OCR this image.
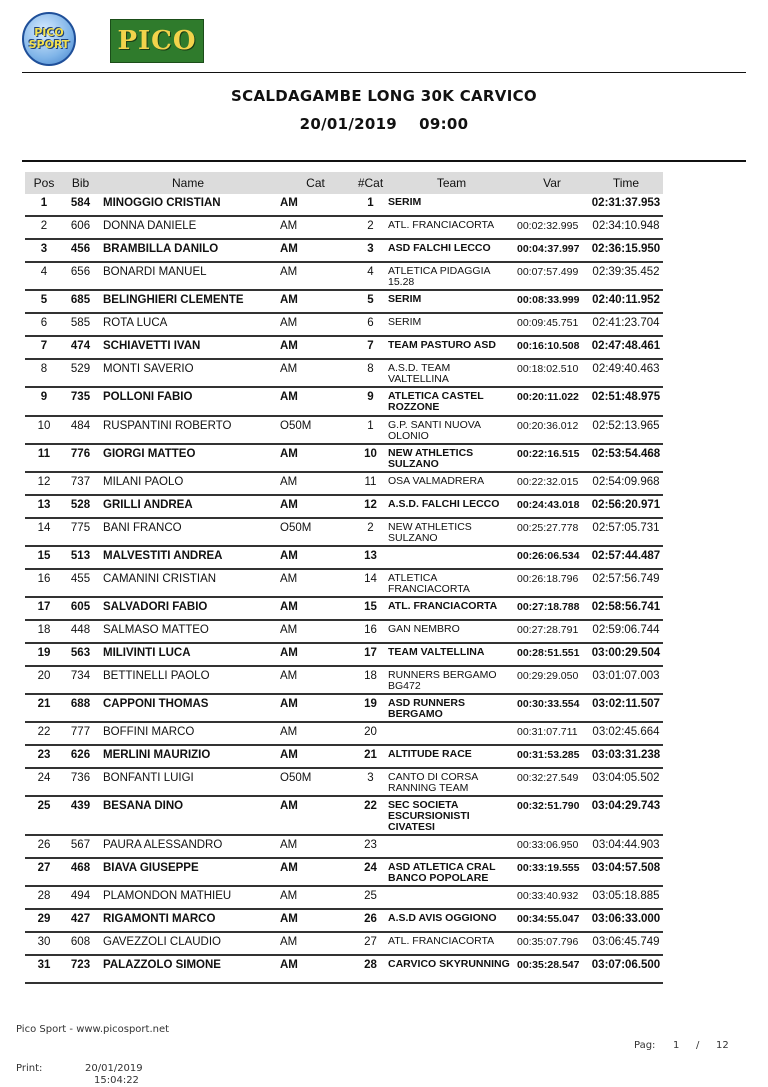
PICO
SPORT PICO
SCALDAGAMBE LONG 30K CARVICO
20/01/2019    09:00
Pos	Bib	Name	Cat	#Cat	Team	Var	Time
1	584	MINOGGIO CRISTIAN	AM	1	SERIM		02:31:37.953
2	606	DONNA DANIELE	AM	2	ATL. FRANCIACORTA	00:02:32.995	02:34:10.948
3	456	BRAMBILLA DANILO	AM	3	ASD FALCHI LECCO	00:04:37.997	02:36:15.950
4	656	BONARDI MANUEL	AM	4	ATLETICA PIDAGGIA 15.28	00:07:57.499	02:39:35.452
5	685	BELINGHIERI CLEMENTE	AM	5	SERIM	00:08:33.999	02:40:11.952
6	585	ROTA LUCA	AM	6	SERIM	00:09:45.751	02:41:23.704
7	474	SCHIAVETTI IVAN	AM	7	TEAM PASTURO ASD	00:16:10.508	02:47:48.461
8	529	MONTI SAVERIO	AM	8	A.S.D. TEAM VALTELLINA	00:18:02.510	02:49:40.463
9	735	POLLONI FABIO	AM	9	ATLETICA CASTEL ROZZONE	00:20:11.022	02:51:48.975
10	484	RUSPANTINI ROBERTO	O50M	1	G.P. SANTI NUOVA OLONIO	00:20:36.012	02:52:13.965
11	776	GIORGI MATTEO	AM	10	NEW ATHLETICS SULZANO	00:22:16.515	02:53:54.468
12	737	MILANI PAOLO	AM	11	OSA VALMADRERA	00:22:32.015	02:54:09.968
13	528	GRILLI ANDREA	AM	12	A.S.D. FALCHI LECCO	00:24:43.018	02:56:20.971
14	775	BANI FRANCO	O50M	2	NEW ATHLETICS SULZANO	00:25:27.778	02:57:05.731
15	513	MALVESTITI ANDREA	AM	13		00:26:06.534	02:57:44.487
16	455	CAMANINI CRISTIAN	AM	14	ATLETICA FRANCIACORTA	00:26:18.796	02:57:56.749
17	605	SALVADORI FABIO	AM	15	ATL. FRANCIACORTA	00:27:18.788	02:58:56.741
18	448	SALMASO MATTEO	AM	16	GAN NEMBRO	00:27:28.791	02:59:06.744
19	563	MILIVINTI LUCA	AM	17	TEAM VALTELLINA	00:28:51.551	03:00:29.504
20	734	BETTINELLI PAOLO	AM	18	RUNNERS BERGAMO BG472	00:29:29.050	03:01:07.003
21	688	CAPPONI THOMAS	AM	19	ASD RUNNERS BERGAMO	00:30:33.554	03:02:11.507
22	777	BOFFINI MARCO	AM	20		00:31:07.711	03:02:45.664
23	626	MERLINI MAURIZIO	AM	21	ALTITUDE RACE	00:31:53.285	03:03:31.238
24	736	BONFANTI LUIGI	O50M	3	CANTO DI CORSA RANNING TEAM	00:32:27.549	03:04:05.502
25	439	BESANA DINO	AM	22	SEC SOCIETA ESCURSIONISTI CIVATESI	00:32:51.790	03:04:29.743
26	567	PAURA ALESSANDRO	AM	23		00:33:06.950	03:04:44.903
27	468	BIAVA GIUSEPPE	AM	24	ASD ATLETICA CRAL BANCO POPOLARE	00:33:19.555	03:04:57.508
28	494	PLAMONDON MATHIEU	AM	25		00:33:40.932	03:05:18.885
29	427	RIGAMONTI MARCO	AM	26	A.S.D AVIS OGGIONO	00:34:55.047	03:06:33.000
30	608	GAVEZZOLI CLAUDIO	AM	27	ATL. FRANCIACORTA	00:35:07.796	03:06:45.749
31	723	PALAZZOLO SIMONE	AM	28	CARVICO SKYRUNNING	00:35:28.547	03:07:06.500
Pico Sport - www.picosport.net
Pag: 1 / 12
Print:	20/01/2019
15:04:22
